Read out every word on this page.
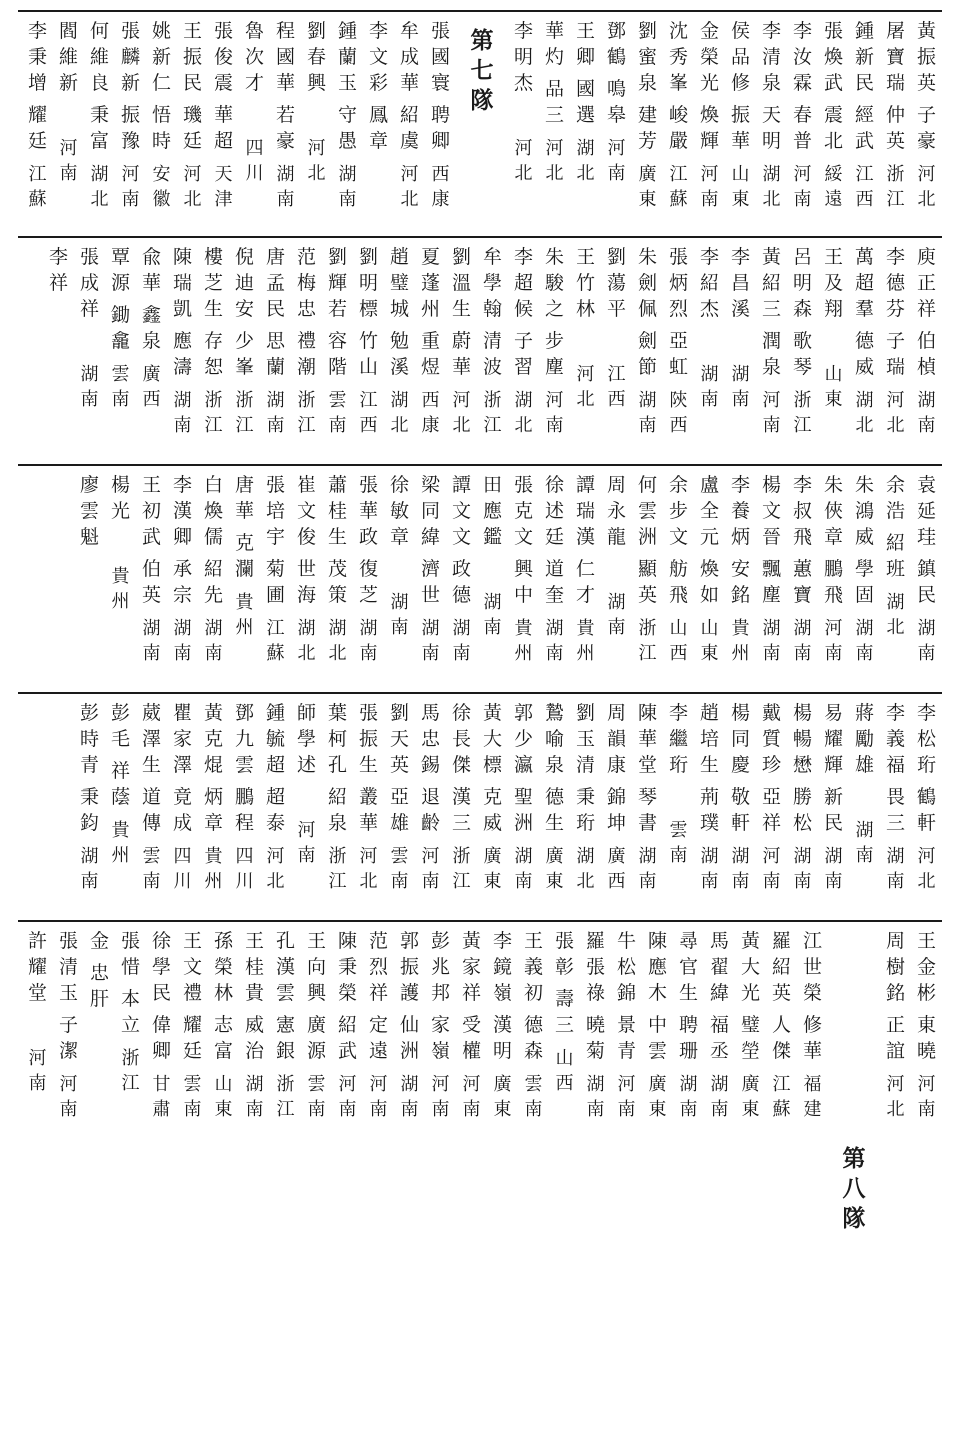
黃
振
英
子
豪
河
北
屠
寶
瑞
仲
英
浙
江
鍾
新
民
經
武
江
西
張
煥
武
震
北
綏
遠
李
汝
霖
春
普
河
南
李
清
泉
天
明
湖
北
侯
品
修
振
華
山
東
金
榮
光
煥
輝
河
南
沈
秀
峯
峻
嚴
江
蘇
劉
蜜
泉
建
芳
廣
東
鄧
鶴
鳴
皋
河
南
王
卿
國
選
湖
北
華
灼
品
三
河
北
李
明
杰
河
北
第
七
隊
張
國
寰
聘
卿
西
康
牟
成
華
紹
虞
河
北
李
文
彩
鳳
章
鍾
蘭
玉
守
愚
湖
南
劉
春
興
河
北
程
國
華
若
豪
湖
南
魯
次
才
四
川
張
俊
震
華
超
天
津
王
振
民
璣
廷
河
北
姚
新
仁
悟
時
安
徽
張
麟
新
振
豫
河
南
何
維
良
秉
富
湖
北
閻
維
新
河
南
李
秉
增
耀
廷
江
蘇
庾
正
祥
伯
楨
湖
南
李
德
芬
子
瑞
河
北
萬
超
羣
德
威
湖
北
王
及
翔
山
東
呂
明
森
歌
琴
浙
江
黃
紹
三
潤
泉
河
南
李
昌
溪
湖
南
李
紹
杰
湖
南
張
炳
烈
亞
虹
陝
西
朱
劍
佩
劍
節
湖
南
劉
蕩
平
江
西
王
竹
林
河
北
朱
駿
之
步
塵
河
南
李
超
候
子
習
湖
北
牟
學
翰
清
波
浙
江
劉
溫
生
蔚
華
河
北
夏
蓬
州
重
煜
西
康
趙
璧
城
勉
溪
湖
北
劉
明
標
竹
山
江
西
劉
輝
若
容
階
雲
南
范
梅
忠
禮
潮
浙
江
唐
孟
民
思
蘭
湖
南
倪
迪
安
少
峯
浙
江
樓
芝
生
存
恕
浙
江
陳
瑞
凱
應
濤
湖
南
兪
華
鑫
泉
廣
西
覃
源
鋤
龕
雲
南
張
成
祥
湖
南
李
祥
袁
延
珪
鎮
民
湖
南
余
浩
紹
班
湖
北
朱
鴻
威
學
固
湖
南
朱
俠
章
鵬
飛
河
南
李
叔
飛
蕙
寶
湖
南
楊
文
晉
飄
塵
湖
南
李
養
炳
安
銘
貴
州
盧
全
元
煥
如
山
東
余
步
文
舫
飛
山
西
何
雲
洲
顯
英
浙
江
周
永
龍
湖
南
譚
瑞
漢
仁
才
貴
州
徐
述
廷
道
奎
湖
南
張
克
文
興
中
貴
州
田
應
鑑
湖
南
譚
文
文
政
德
湖
南
梁
同
緯
濟
世
湖
南
徐
敏
章
湖
南
張
華
政
復
芝
湖
南
蕭
桂
生
茂
策
湖
北
崔
文
俊
世
海
湖
北
張
培
宇
菊
圃
江
蘇
唐
華
克
瀾
貴
州
白
煥
儒
紹
先
湖
南
李
漢
卿
承
宗
湖
南
王
初
武
伯
英
湖
南
楊
光
貴
州
廖
雲
魁
李
松
珩
鶴
軒
河
北
李
義
福
畏
三
湖
南
蔣
勵
雄
湖
南
易
耀
輝
新
民
湖
南
楊
暢
懋
勝
松
湖
南
戴
質
珍
亞
祥
河
南
楊
同
慶
敬
軒
湖
南
趙
培
生
荊
璞
湖
南
李
繼
珩
雲
南
陳
華
堂
琴
書
湖
南
周
韻
康
錦
坤
廣
西
劉
玉
清
秉
珩
湖
北
鷙
喻
泉
德
生
廣
東
郭
少
瀛
聖
洲
湖
南
黃
大
標
克
威
廣
東
徐
長
傑
漢
三
浙
江
馬
忠
錫
退
齡
河
南
劉
天
英
亞
雄
雲
南
張
振
生
叢
華
河
北
葉
柯
孔
紹
泉
浙
江
師
學
述
河
南
鍾
毓
超
超
泰
河
北
鄧
九
雲
鵬
程
四
川
黃
克
焜
炳
章
貴
州
瞿
家
澤
竟
成
四
川
葳
澤
生
道
傳
雲
南
彭
毛
祥
蔭
貴
州
彭
時
青
秉
鈞
湖
南
王
金
彬
東
曉
河
南
周
樹
銘
正
誼
河
北
第
八
隊
江
世
榮
修
華
福
建
羅
紹
英
人
傑
江
蘇
黃
大
光
璧
塋
廣
東
馬
翟
緯
福
丞
湖
南
尋
官
生
聘
珊
湖
南
陳
應
木
中
雲
廣
東
牛
松
錦
景
青
河
南
羅
張
祿
曉
菊
湖
南
張
彰
壽
三
山
西
王
義
初
德
森
雲
南
李
鏡
嶺
漢
明
廣
東
黃
家
祥
受
權
河
南
彭
兆
邦
家
嶺
河
南
郭
振
護
仙
洲
湖
南
范
烈
祥
定
遠
河
南
陳
秉
榮
紹
武
河
南
王
向
興
廣
源
雲
南
孔
漢
雲
憲
銀
浙
江
王
桂
貴
威
治
湖
南
孫
榮
林
志
富
山
東
王
文
禮
耀
廷
雲
南
徐
學
民
偉
卿
甘
肅
張
惜
本
立
浙
江
金
忠
肝
張
清
玉
子
潔
河
南
許
耀
堂
河
南
